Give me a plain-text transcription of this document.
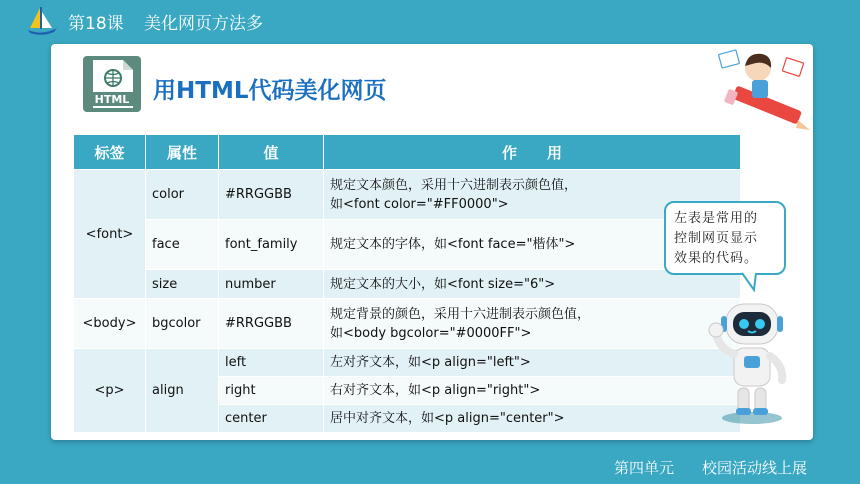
第18课 美化网页方法多
HTML 用HTML代码美化网页
标签	属性	值	作　　用
<font>	color	#RRGGBB	规定文本颜色，采用十六进制表示颜色值，
如<font color="#FF0000">
	face	font_family	规定文本的字体，如<font face="楷体">
	size	number	规定文本的大小，如<font size="6">
<body>	bgcolor	#RRGGBB	规定背景的颜色，采用十六进制表示颜色值，
如<body bgcolor="#0000FF">
<p>	align	left	左对齐文本，如<p align="left">
		right	右对齐文本，如<p align="right">
		center	居中对齐文本，如<p align="center">
左表是常用的
控制网页显示
效果的代码。
第四单元 校园活动线上展
